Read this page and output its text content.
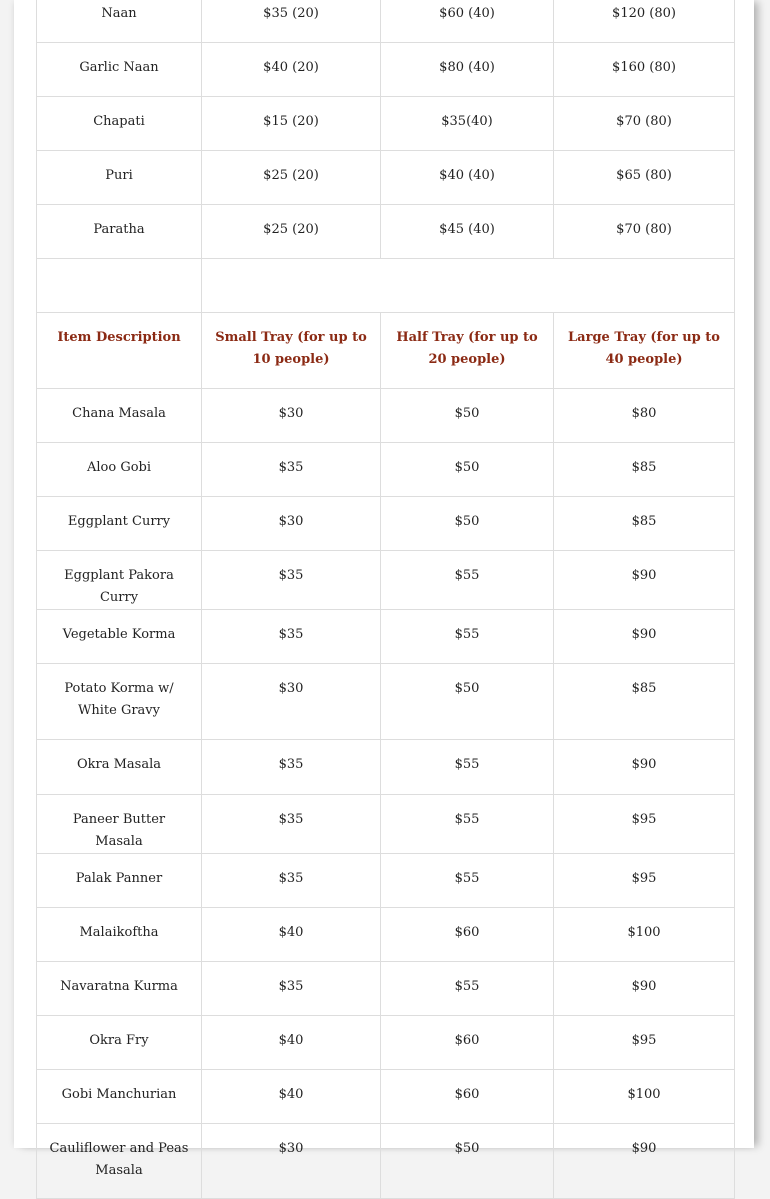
Naan	$35 (20)	$60 (40)	$120 (80)
Garlic Naan	$40 (20)	$80 (40)	$160 (80)
Chapati	$15 (20)	$35(40)	$70 (80)
Puri	$25 (20)	$40 (40)	$65 (80)
Paratha	$25 (20)	$45 (40)	$70 (80)

Item Description	Small Tray (for up to 10 people)	Half Tray (for up to 20 people)	Large Tray (for up to 40 people)
Chana Masala	$30	$50	$80
Aloo Gobi	$35	$50	$85
Eggplant Curry	$30	$50	$85
Eggplant Pakora Curry	$35	$55	$90
Vegetable Korma	$35	$55	$90
Potato Korma w/ White Gravy	$30	$50	$85
Okra Masala	$35	$55	$90
Paneer Butter Masala	$35	$55	$95
Palak Panner	$35	$55	$95
Malaikoftha	$40	$60	$100
Navaratna Kurma	$35	$55	$90
Okra Fry	$40	$60	$95
Gobi Manchurian	$40	$60	$100
Cauliflower and Peas Masala	$30	$50	$90
